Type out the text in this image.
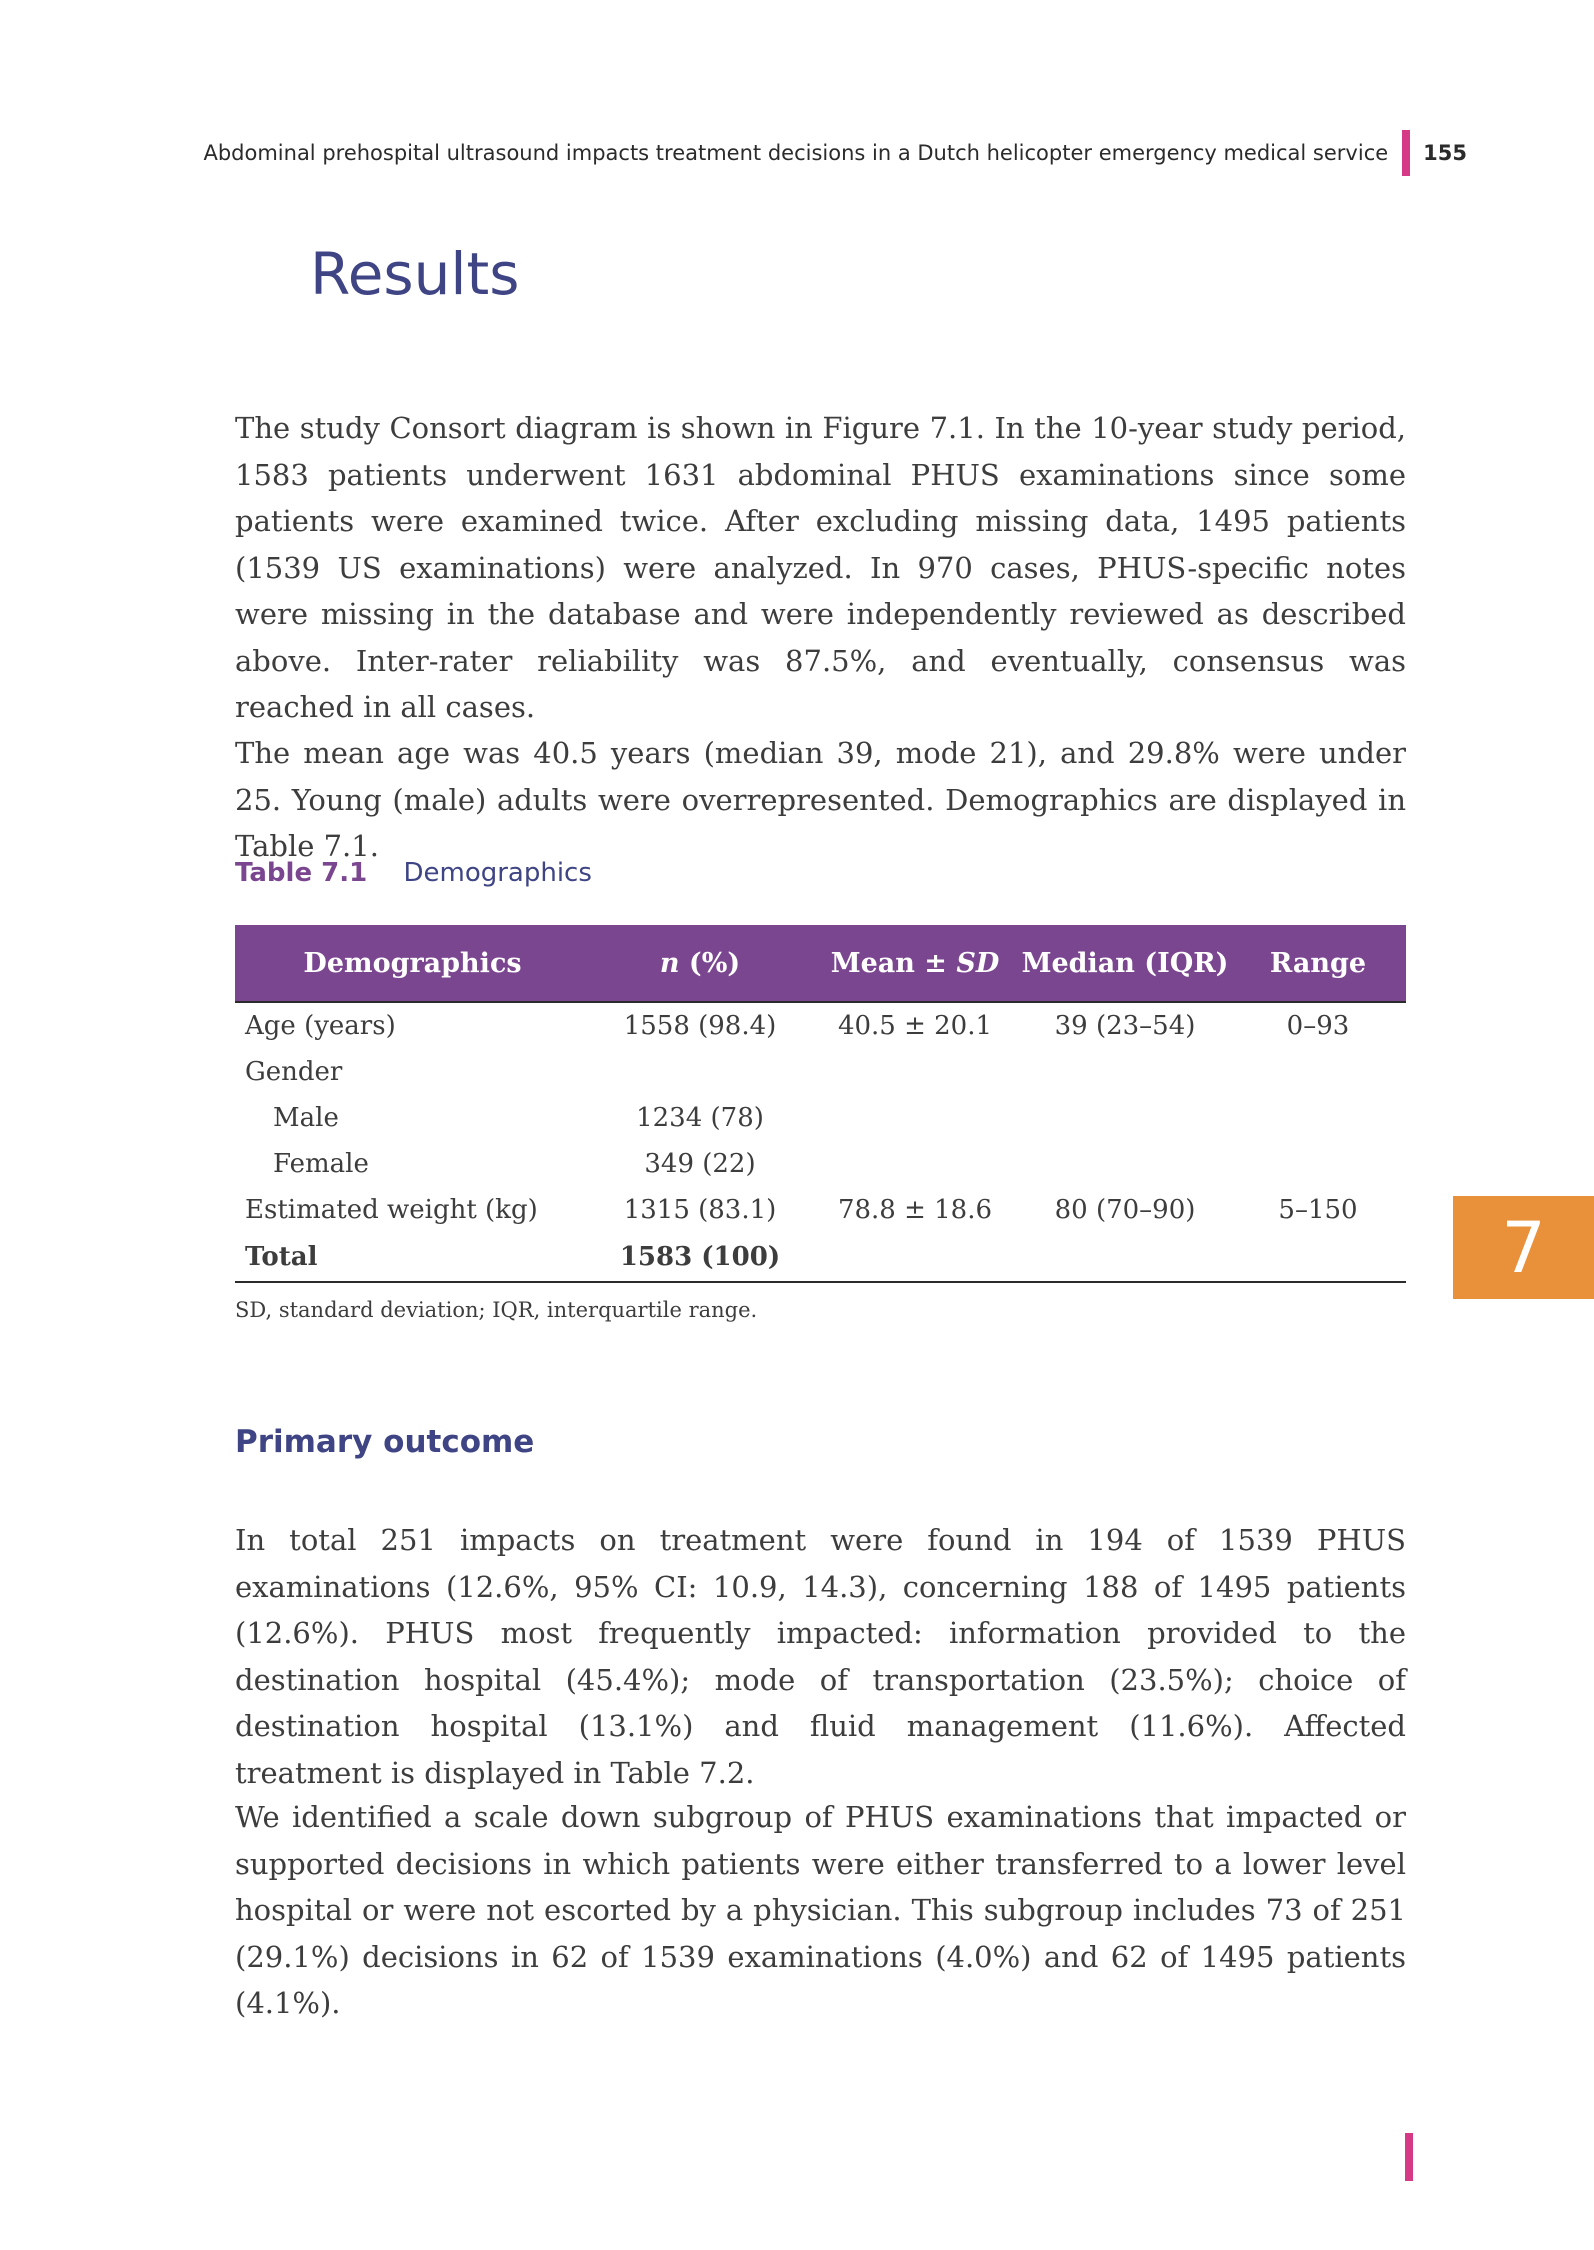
Abdominal prehospital ultrasound impacts treatment decisions in a Dutch helicopter emergency medical service 155
Results

The study Consort diagram is shown in Figure 7.1. In the 10-year study period, 1583 patients underwent 1631 abdominal PHUS examinations since some patients were examined twice. After excluding missing data, 1495 patients (1539 US examinations) were analyzed. In 970 cases, PHUS-specific notes were missing in the database and were independently reviewed as described above. Inter-rater reliability was 87.5%, and eventually, consensus was reached in all cases.

The mean age was 40.5 years (median 39, mode 21), and 29.8% were under 25. Young (male) adults were overrepresented. Demographics are displayed in Table 7.1.

Table 7.1 Demographics
Demographics	n (%)	Mean ± SD	Median (IQR)	Range
Age (years)	1558 (98.4)	40.5 ± 20.1	39 (23–54)	0–93
Gender				
Male	1234 (78)			
Female	349 (22)			
Estimated weight (kg)	1315 (83.1)	78.8 ± 18.6	80 (70–90)	5–150
Total	1583 (100)			
SD, standard deviation; IQR, interquartile range.
Primary outcome

In total 251 impacts on treatment were found in 194 of 1539 PHUS examinations (12.6%, 95% CI: 10.9, 14.3), concerning 188 of 1495 patients (12.6%). PHUS most frequently impacted: information provided to the destination hospital (45.4%); mode of transportation (23.5%); choice of destination hospital (13.1%) and fluid management (11.6%). Affected treatment is displayed in Table 7.2.

We identified a scale down subgroup of PHUS examinations that impacted or supported decisions in which patients were either transferred to a lower level hospital or were not escorted by a physician. This subgroup includes 73 of 251 (29.1%) decisions in 62 of 1539 examinations (4.0%) and 62 of 1495 patients (4.1%).

7
